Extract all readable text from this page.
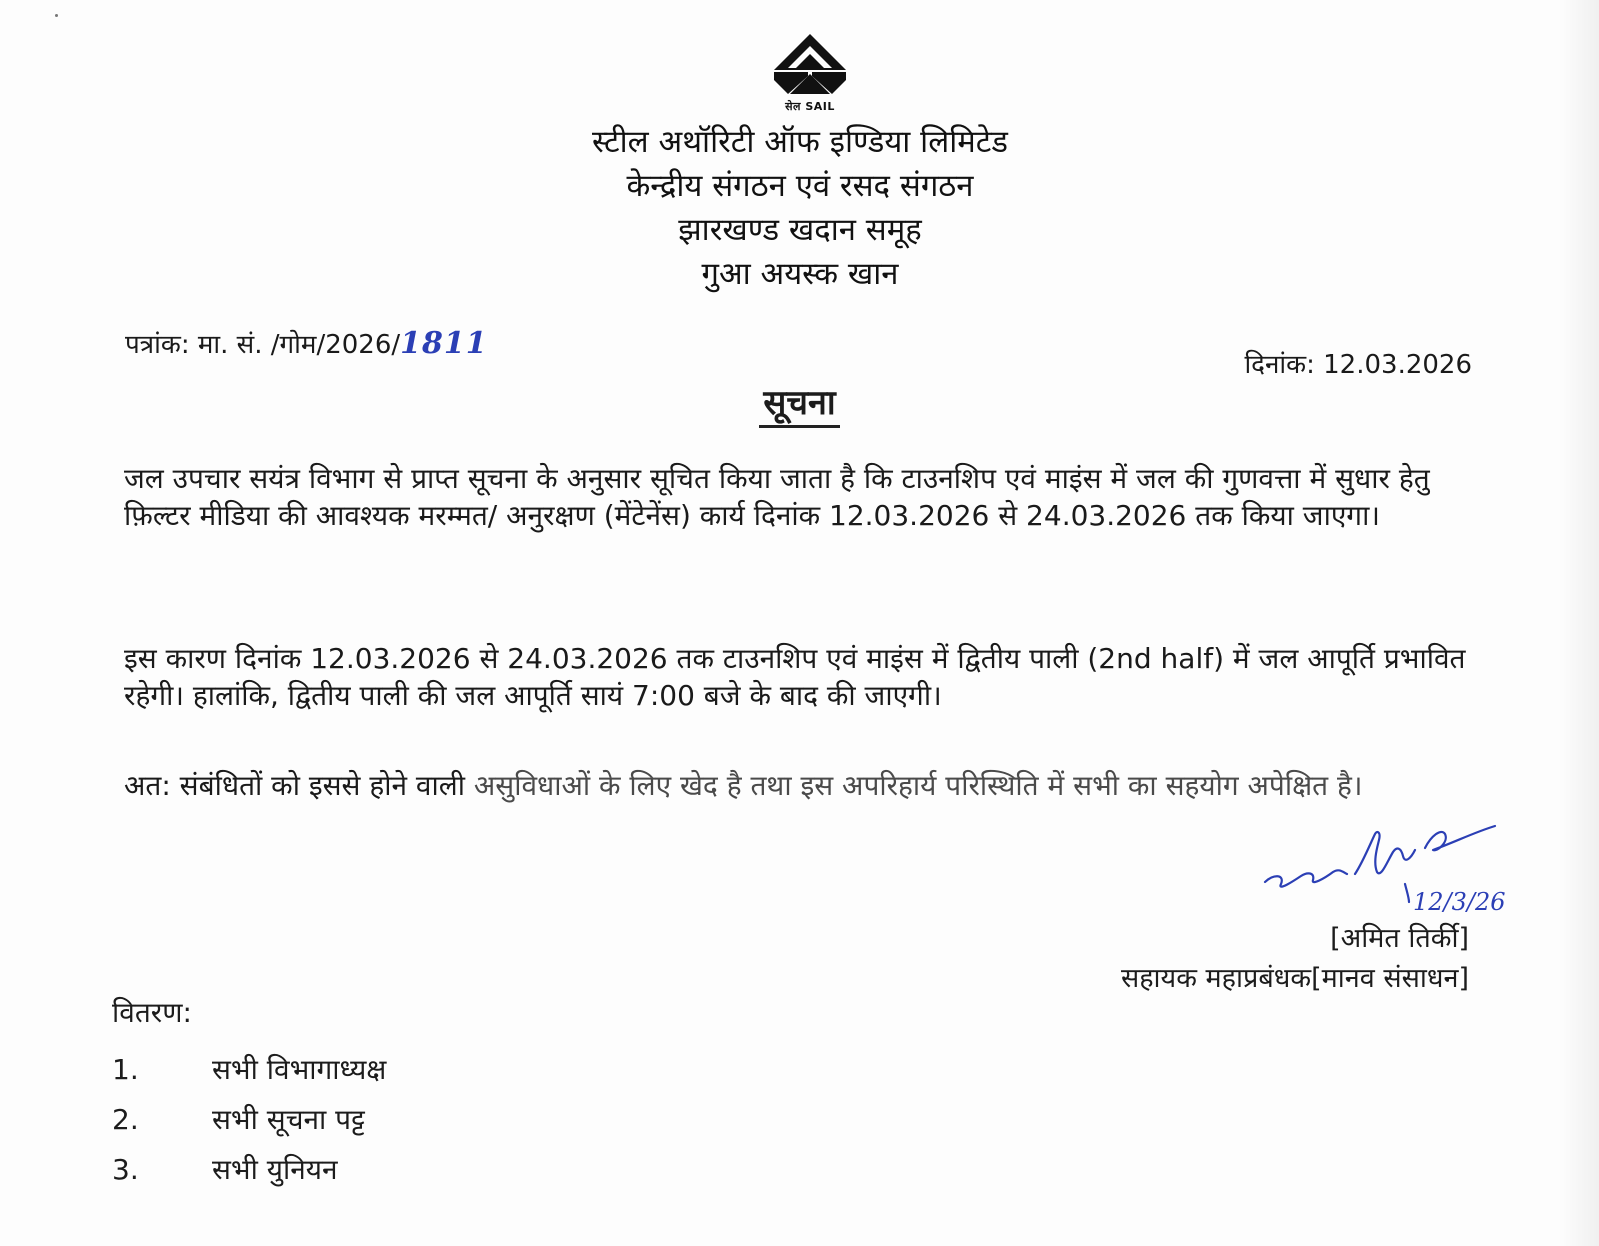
सेल SAIL
स्टील अथॉरिटी ऑफ इण्डिया लिमिटेड
केन्द्रीय संगठन एवं रसद संगठन
झारखण्ड खदान समूह
गुआ अयस्क खान
पत्रांक: मा. सं. /गोम/2026/1811
दिनांक: 12.03.2026
सूचना

जल उपचार सयंत्र विभाग से प्राप्त सूचना के अनुसार सूचित किया जाता है कि टाउनशिप एवं माइंस में जल की गुणवत्ता में सुधार हेतु फ़िल्टर मीडिया की आवश्यक मरम्मत/ अनुरक्षण (मेंटेनेंस) कार्य दिनांक 12.03.2026 से 24.03.2026 तक किया जाएगा।

इस कारण दिनांक 12.03.2026 से 24.03.2026 तक टाउनशिप एवं माइंस में द्वितीय पाली (2nd half) में जल आपूर्ति प्रभावित रहेगी। हालांकि, द्वितीय पाली की जल आपूर्ति सायं 7:00 बजे के बाद की जाएगी।

अत: संबंधितों को इससे होने वाली असुविधाओं के लिए खेद है तथा इस अपरिहार्य परिस्थिति में सभी का सहयोग अपेक्षित है।

12/3/26
[अमित तिर्की]
सहायक महाप्रबंधक[मानव संसाधन]
वितरण:
1.	सभी विभागाध्यक्ष
2.	सभी सूचना पट्ट
3.	सभी युनियन
